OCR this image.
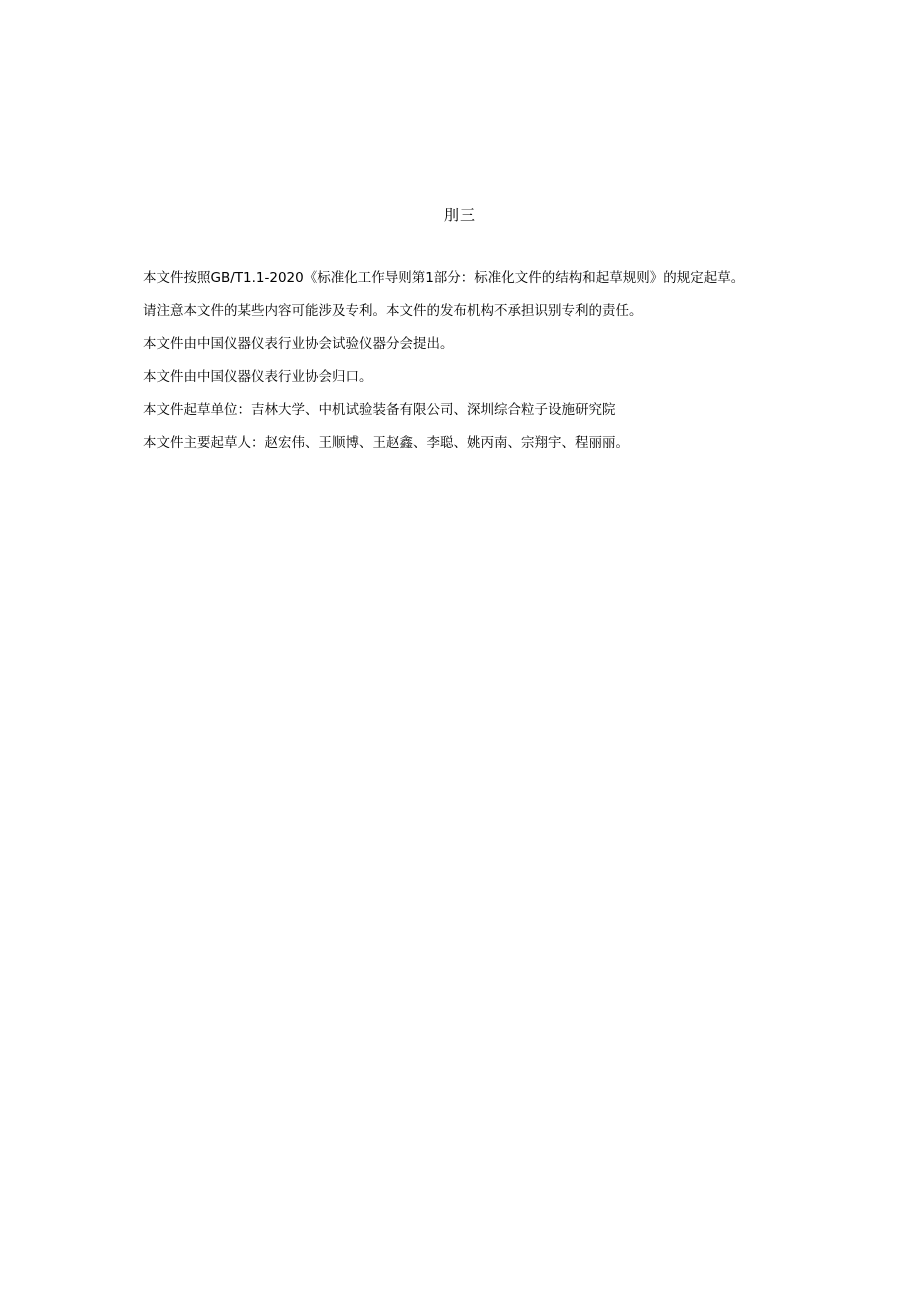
刖三

本文件按照GB/T1.1-2020《标准化工作导则第1部分：标准化文件的结构和起草规则》的规定起草。

请注意本文件的某些内容可能涉及专利。本文件的发布机构不承担识别专利的责任。

本文件由中国仪器仪表行业协会试验仪器分会提出。

本文件由中国仪器仪表行业协会归口。

本文件起草单位：吉林大学、中机试验装备有限公司、深圳综合粒子设施研究院

本文件主要起草人：赵宏伟、王顺博、王赵鑫、李聪、姚丙南、宗翔宇、程丽丽。
